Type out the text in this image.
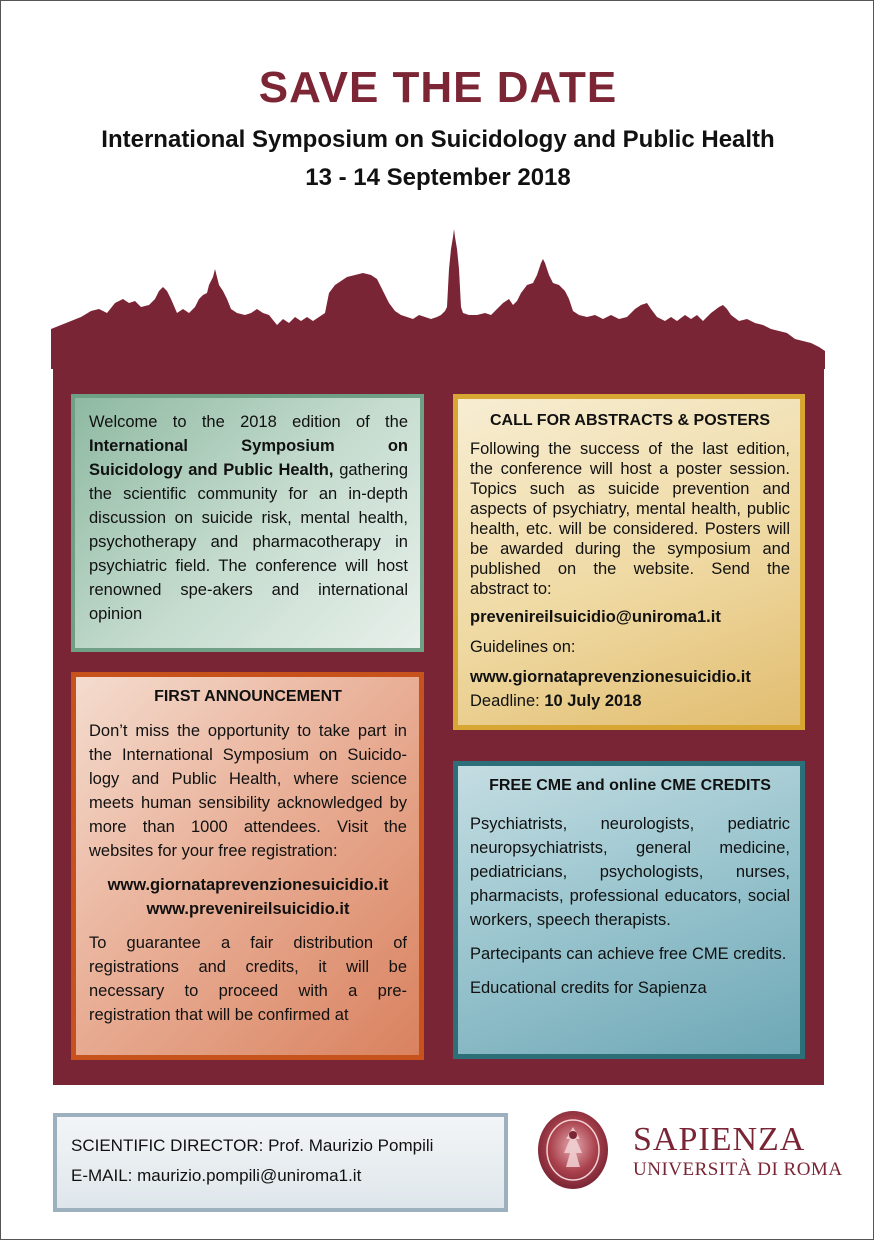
SAVE THE DATE
International Symposium on Suicidology and Public Health
13 - 14 September 2018

Welcome to the 2018 edition of the International Symposium on Suicidology and Public Health, gathering the scientific community for an in-depth discussion on suicide risk, mental health, psychotherapy and pharmacotherapy in psychiatric field. The conference will host renowned spe-akers and international opinion

CALL FOR ABSTRACTS & POSTERS

Following the success of the last edition, the conference will host a poster session. Topics such as suicide prevention and aspects of psychiatry, mental health, public health, etc. will be considered. Posters will be awarded during the symposium and published on the website. Send the abstract to:

prevenireilsuicidio@uniroma1.it

Guidelines on:

www.giornataprevenzionesuicidio.it

Deadline: 10 July 2018

FIRST ANNOUNCEMENT

Don’t miss the opportunity to take part in the International Symposium on Suicido-logy and Public Health, where science meets human sensibility acknowledged by more than 1000 attendees. Visit the websites for your free registration:

www.giornataprevenzionesuicidio.it

www.prevenireilsuicidio.it

To guarantee a fair distribution of registrations and credits, it will be necessary to proceed with a pre-registration that will be confirmed at

FREE CME and online CME CREDITS

Psychiatrists, neurologists, pediatric neuropsychiatrists, general medicine, pediatricians, psychologists, nurses, pharmacists, professional educators, social workers, speech therapists.

Partecipants can achieve free CME credits.

Educational credits for Sapienza

SCIENTIFIC DIRECTOR: Prof. Maurizio Pompili
E-MAIL: maurizio.pompili@uniroma1.it
SAPIENZA
UNIVERSITÀ DI ROMA
